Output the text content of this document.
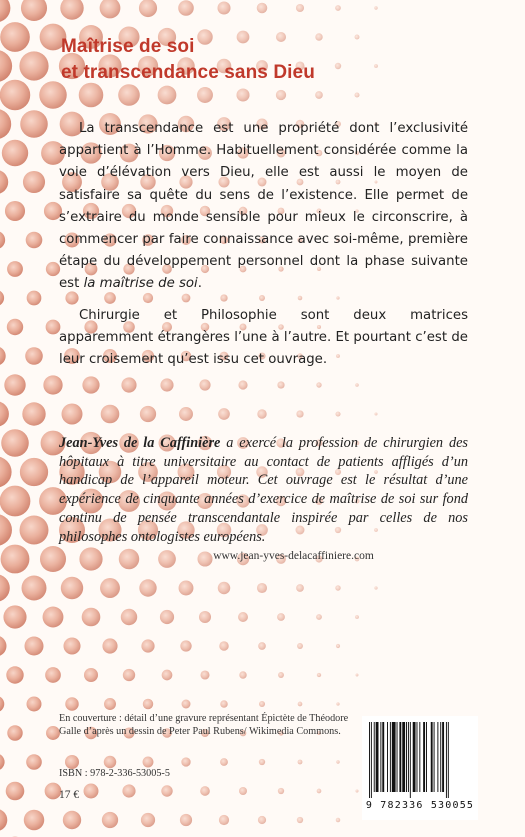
Maîtrise de soi
et transcendance sans Dieu

La transcendance est une propriété dont l’exclusivité appartient à l’Homme. Habituellement considérée comme la voie d’élévation vers Dieu, elle est aussi le moyen de satisfaire sa quête du sens de l’existence. Elle permet de s’extraire du monde sensible pour mieux le circonscrire, à commencer par faire connaissance avec soi-même, première étape du développement personnel dont la phase suivante est la maîtrise de soi.

Chirurgie et Philosophie sont deux matrices apparemment étrangères l’une à l’autre. Et pourtant c’est de leur croisement qu’est issu cet ouvrage.

Jean-Yves de la Caffinière a exercé la profession de chirurgien des hôpitaux à titre universitaire au contact de patients affligés d’un handicap de l’appareil moteur. Cet ouvrage est le résultat d’une expérience de cinquante années d’exercice de maîtrise de soi sur fond continu de pensée transcendantale inspirée par celles de nos philosophes ontologistes européens.
www.jean-yves-delacaffiniere.com
En couverture : détail d’une gravure représentant Épictète de Théodore Galle d’après un dessin de Peter Paul Rubens/ Wikimedia Commons.
ISBN : 978-2-336-53005-5
17 €
9 782336 530055
